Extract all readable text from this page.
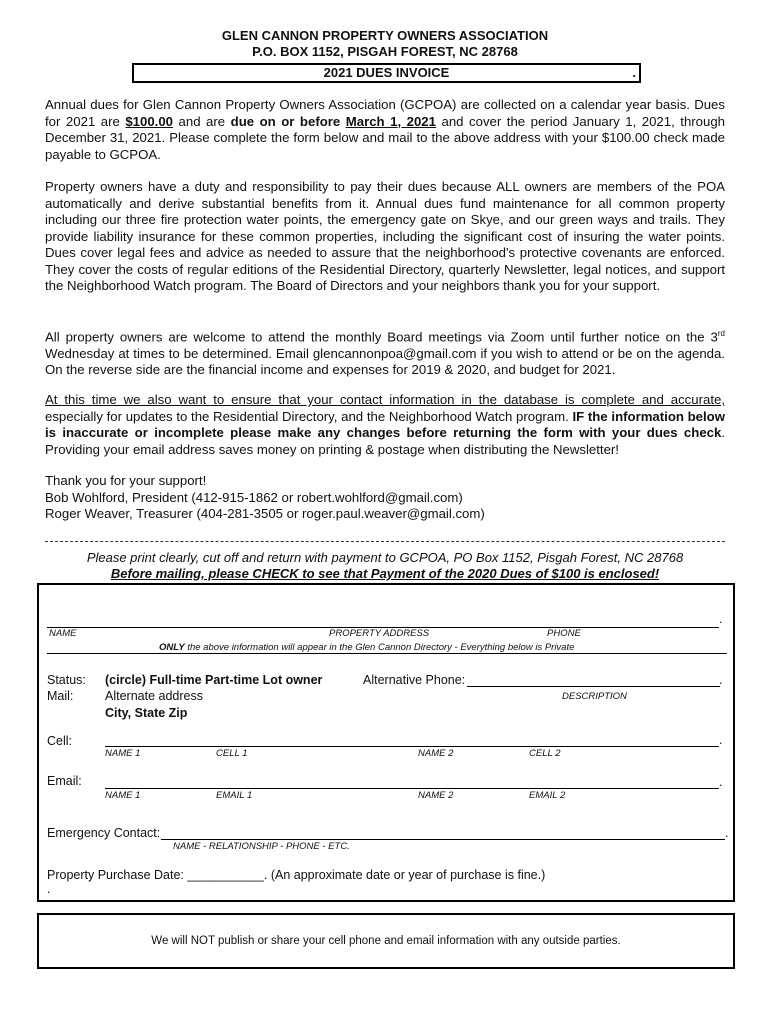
GLEN CANNON PROPERTY OWNERS ASSOCIATION
P.O. BOX 1152, PISGAH FOREST, NC 28768
2021 DUES INVOICE	.
Annual dues for Glen Cannon Property Owners Association (GCPOA) are collected on a calendar year basis. Dues for 2021 are $100.00 and are due on or before March 1, 2021 and cover the period January 1, 2021, through December 31, 2021. Please complete the form below and mail to the above address with your $100.00 check made payable to GCPOA.
Property owners have a duty and responsibility to pay their dues because ALL owners are members of the POA automatically and derive substantial benefits from it. Annual dues fund maintenance for all common property including our three fire protection water points, the emergency gate on Skye, and our green ways and trails. They provide liability insurance for these common properties, including the significant cost of insuring the water points. Dues cover legal fees and advice as needed to assure that the neighborhood's protective covenants are enforced. They cover the costs of regular editions of the Residential Directory, quarterly Newsletter, legal notices, and support the Neighborhood Watch program. The Board of Directors and your neighbors thank you for your support.
All property owners are welcome to attend the monthly Board meetings via Zoom until further notice on the 3rd Wednesday at times to be determined. Email glencannonpoa@gmail.com if you wish to attend or be on the agenda. On the reverse side are the financial income and expenses for 2019 & 2020, and budget for 2021.
At this time we also want to ensure that your contact information in the database is complete and accurate, especially for updates to the Residential Directory, and the Neighborhood Watch program. IF the information below is inaccurate or incomplete please make any changes before returning the form with your dues check. Providing your email address saves money on printing & postage when distributing the Newsletter!
Thank you for your support!
Bob Wohlford, President (412-915-1862 or robert.wohlford@gmail.com)
Roger Weaver, Treasurer (404-281-3505 or roger.paul.weaver@gmail.com)
Please print clearly, cut off and return with payment to GCPOA, PO Box 1152, Pisgah Forest, NC 28768
Before mailing, please CHECK to see that Payment of the 2020 Dues of $100 is enclosed!
.
NAME	PROPERTY ADDRESS	PHONE
ONLY the above information will appear in the Glen Cannon Directory - Everything below is Private
Status: (circle) Full-time Part-time Lot owner	Alternative Phone:	.
Mail:	Alternate address	DESCRIPTION
City, State Zip
Cell:	.
NAME 1	CELL 1	NAME 2	CELL 2
Email:	.
NAME 1	EMAIL 1	NAME 2	EMAIL 2
Emergency Contact:	.
NAME - RELATIONSHIP - PHONE - ETC.
Property Purchase Date: ___________. (An approximate date or year of purchase is fine.)
.
We will NOT publish or share your cell phone and email information with any outside parties.
